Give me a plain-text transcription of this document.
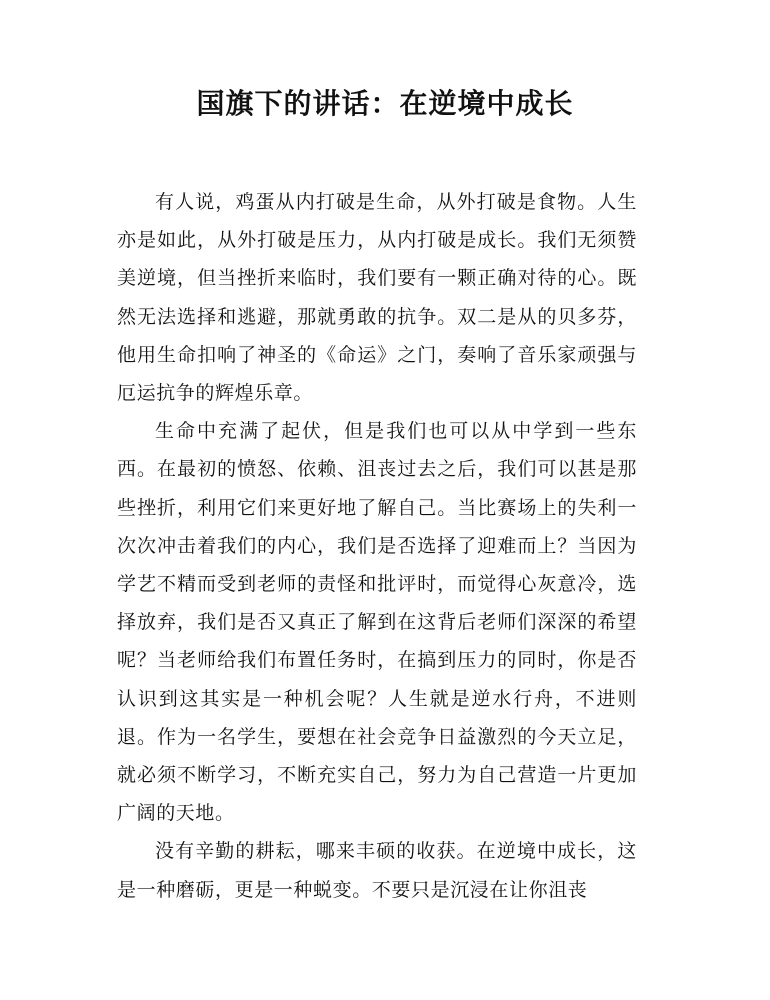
国旗下的讲话：在逆境中成长

有人说，鸡蛋从内打破是生命，从外打破是食物。人生亦是如此，从外打破是压力，从内打破是成长。我们无须赞美逆境，但当挫折来临时，我们要有一颗正确对待的心。既然无法选择和逃避，那就勇敢的抗争。双二是从的贝多芬，他用生命扣响了神圣的《命运》之门，奏响了音乐家顽强与厄运抗争的辉煌乐章。

生命中充满了起伏，但是我们也可以从中学到一些东西。在最初的愤怒、依赖、沮丧过去之后，我们可以甚是那些挫折，利用它们来更好地了解自己。当比赛场上的失利一次次冲击着我们的内心，我们是否选择了迎难而上？当因为学艺不精而受到老师的责怪和批评时，而觉得心灰意冷，选择放弃，我们是否又真正了解到在这背后老师们深深的希望呢？当老师给我们布置任务时，在搞到压力的同时，你是否认识到这其实是一种机会呢？人生就是逆水行舟，不进则退。作为一名学生，要想在社会竞争日益激烈的今天立足，就必须不断学习，不断充实自己，努力为自己营造一片更加广阔的天地。

没有辛勤的耕耘，哪来丰硕的收获。在逆境中成长，这是一种磨砺，更是一种蜕变。不要只是沉浸在让你沮丧
